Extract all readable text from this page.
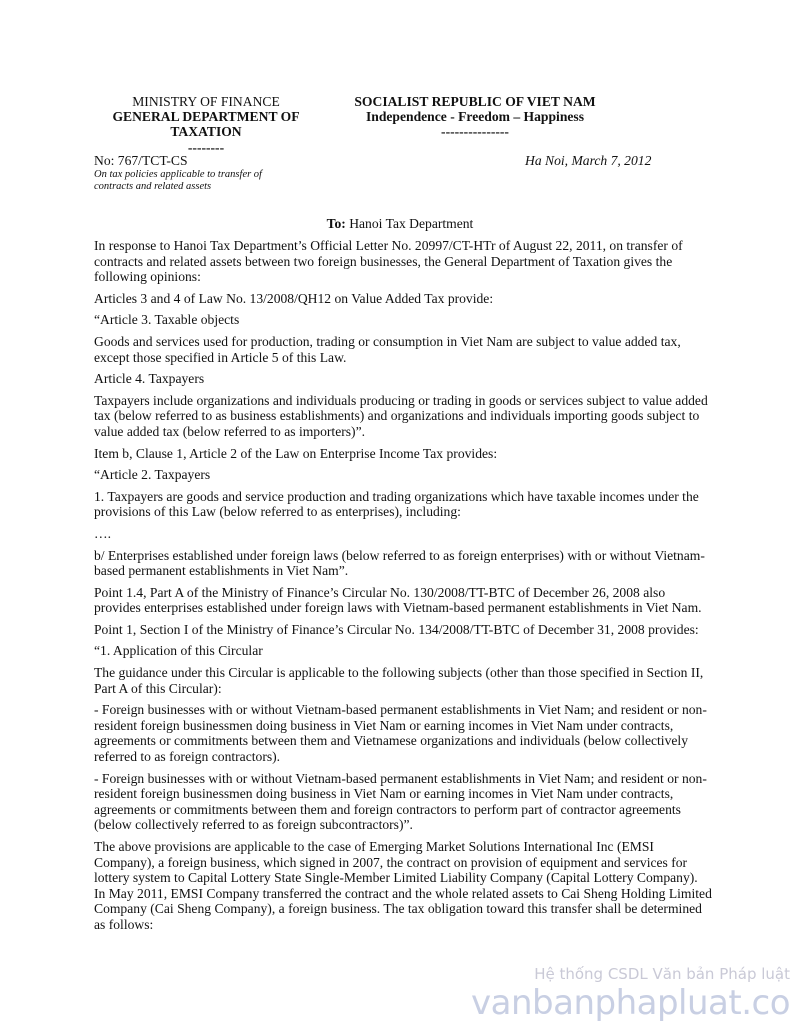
MINISTRY OF FINANCE
GENERAL DEPARTMENT OF
TAXATION
--------
SOCIALIST REPUBLIC OF VIET NAM
Independence - Freedom – Happiness
---------------
No: 767/TCT-CS
On tax policies applicable to transfer of contracts and related assets
Ha Noi, March 7, 2012
To: Hanoi Tax Department

In response to Hanoi Tax Department’s Official Letter No. 20997/CT-HTr of August 22, 2011, on transfer of contracts and related assets between two foreign businesses, the General Department of Taxation gives the following opinions:

Articles 3 and 4 of Law No. 13/2008/QH12 on Value Added Tax provide:

“Article 3. Taxable objects

Goods and services used for production, trading or consumption in Viet Nam are subject to value added tax, except those specified in Article 5 of this Law.

Article 4. Taxpayers

Taxpayers include organizations and individuals producing or trading in goods or services subject to value added tax (below referred to as business establishments) and organizations and individuals importing goods subject to value added tax (below referred to as importers)”.

Item b, Clause 1, Article 2 of the Law on Enterprise Income Tax provides:

“Article 2. Taxpayers

1. Taxpayers are goods and service production and trading organizations which have taxable incomes under the provisions of this Law (below referred to as enterprises), including:

….

b/ Enterprises established under foreign laws (below referred to as foreign enterprises) with or without Vietnam-based permanent establishments in Viet Nam”.

Point 1.4, Part A of the Ministry of Finance’s Circular No. 130/2008/TT-BTC of December 26, 2008 also provides enterprises established under foreign laws with Vietnam-based permanent establishments in Viet Nam.

Point 1, Section I of the Ministry of Finance’s Circular No. 134/2008/TT-BTC of December 31, 2008 provides:

“1. Application of this Circular

The guidance under this Circular is applicable to the following subjects (other than those specified in Section II, Part A of this Circular):

- Foreign businesses with or without Vietnam-based permanent establishments in Viet Nam; and resident or non-resident foreign businessmen doing business in Viet Nam or earning incomes in Viet Nam under contracts, agreements or commitments between them and Vietnamese organizations and individuals (below collectively referred to as foreign contractors).

- Foreign businesses with or without Vietnam-based permanent establishments in Viet Nam; and resident or non-resident foreign businessmen doing business in Viet Nam or earning incomes in Viet Nam under contracts, agreements or commitments between them and foreign contractors to perform part of contractor agreements (below collectively referred to as foreign subcontractors)”.

The above provisions are applicable to the case of Emerging Market Solutions International Inc (EMSI Company), a foreign business, which signed in 2007, the contract on provision of equipment and services for lottery system to Capital Lottery State Single-Member Limited Liability Company (Capital Lottery Company). In May 2011, EMSI Company transferred the contract and the whole related assets to Cai Sheng Holding Limited Company (Cai Sheng Company), a foreign business. The tax obligation toward this transfer shall be determined as follows:

Hệ thống CSDL Văn bản Pháp luật
vanbanphapluat.co
